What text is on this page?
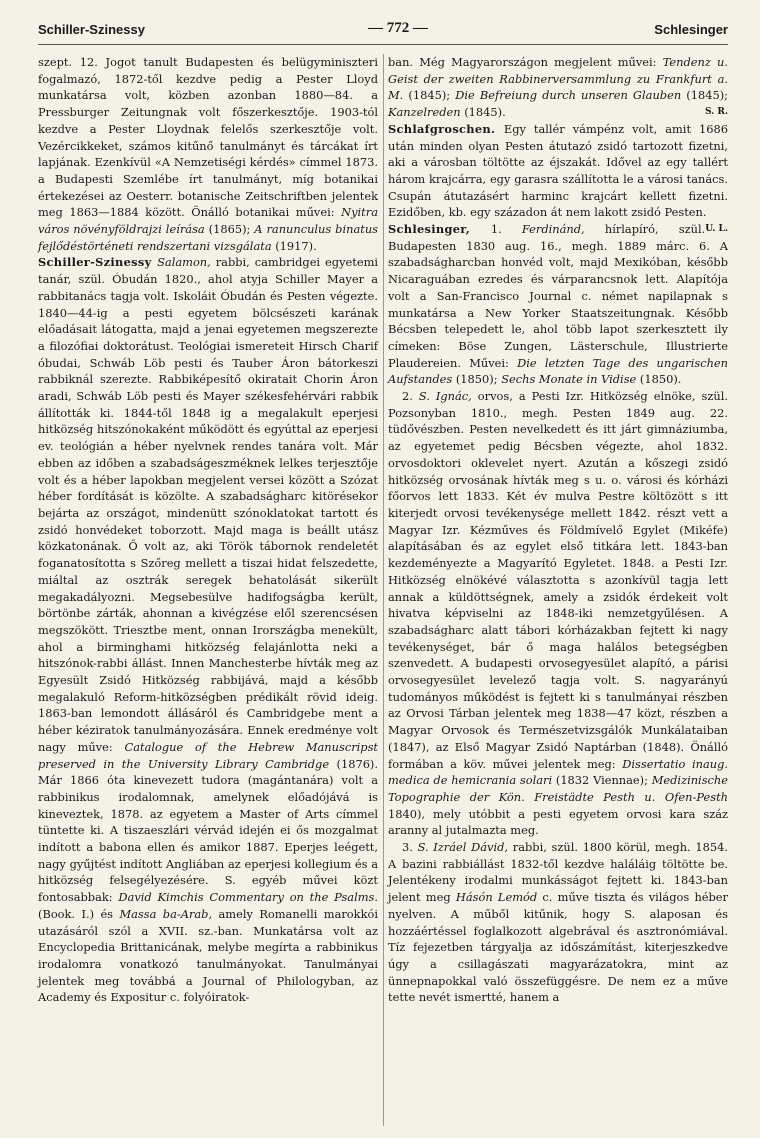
Schiller-Szinessy	— 772 —	Schlesinger

szept. 12. Jogot tanult Budapesten és belügyminiszteri fogalmazó, 1872-től kezdve pedig a Pester Lloyd munkatársa volt, közben azonban 1880—84. a Pressburger Zeitungnak volt főszerkesztője. 1903-tól kezdve a Pester Lloydnak felelős szerkesztője volt. Vezércikkeket, számos kitűnő tanulmányt és tárcákat írt lapjának. Ezenkívül «A Nemzetiségi kérdés» címmel 1873. a Budapesti Szemlébe írt tanulmányt, míg botanikai értekezései az Oesterr. botanische Zeitschriftben jelentek meg 1863—1884 között. Önálló botanikai művei: Nyitra város növényföldrajzi leírása (1865); A ranunculus binatus fejlődéstörténeti rendszertani vizsgálata (1917).

Schiller-Szinessy Salamon, rabbi, cambridgei egyetemi tanár, szül. Óbudán 1820., ahol atyja Schiller Mayer a rabbitanács tagja volt. Iskoláit Óbudán és Pesten végezte. 1840—44-ig a pesti egyetem bölcsészeti karának előadásait látogatta, majd a jenai egyetemen megszerezte a filozófiai doktorátust. Teológiai ismereteit Hirsch Charif óbudai, Schwáb Löb pesti és Tauber Áron bátorkeszi rabbiknál szerezte. Rabbiképesítő okiratait Chorin Áron aradi, Schwáb Löb pesti és Mayer székesfehérvári rabbik állították ki. 1844-től 1848 ig a megalakult eperjesi hitközség hitszónokaként működött és egyúttal az eperjesi ev. teológián a héber nyelvnek rendes tanára volt. Már ebben az időben a szabadságeszméknek lelkes terjesztője volt és a héber lapokban megjelent versei között a Szózat héber fordítását is közölte. A szabadságharc kitörésekor bejárta az országot, mindenütt szónoklatokat tartott és zsidó honvédeket toborzott. Majd maga is beállt utász közkatonának. Ő volt az, aki Török tábornok rendeletét foganatosította s Szőreg mellett a tiszai hidat felszedette, miáltal az osztrák seregek behatolását sikerült megakadályozni. Megsebesülve hadifogságba került, börtönbe zárták, ahonnan a kivégzése elől szerencsésen megszökött. Triesztbe ment, onnan Irországba menekült, ahol a birminghami hitközség felajánlotta neki a hitszónok-rabbi állást. Innen Manchesterbe hívták meg az Egyesült Zsidó Hitközség rabbijává, majd a később megalakuló Reform-hitközségben prédikált rövid ideig. 1863-ban lemondott állásáról és Cambridgebe ment a héber kéziratok tanulmányozására. Ennek eredménye volt nagy műve: Catalogue of the Hebrew Manuscripst preserved in the University Library Cambridge (1876). Már 1866 óta kinevezett tudora (magántanára) volt a rabbinikus irodalomnak, amelynek előadójává is kineveztek, 1878. az egyetem a Master of Arts címmel tüntette ki. A tiszaeszlári vérvád idején ei ős mozgalmat indított a babona ellen és amikor 1887. Eperjes leégett, nagy gyűjtést indított Angliában az eperjesi kollegium és a hitközség felsegélyezésére. S. egyéb művei közt fontosabbak: David Kimchis Commentary on the Psalms. (Book. I.) és Massa ba-Arab, amely Romanelli marokkói utazásáról szól a XVII. sz.-ban. Munkatársa volt az Encyclopedia Brittanicának, melybe megírta a rabbinikus irodalomra vonatkozó tanulmányokat. Tanulmányai jelentek meg továbbá a Journal of Philologyban, az Academy és Expositur c. folyóiratok-

ban. Még Magyarországon megjelent művei: Tendenz u. Geist der zweiten Rabbinerversammlung zu Frankfurt a. M. (1845); Die Befreiung durch unseren Glauben (1845); Kanzelreden (1845).	S. R.

Schlafgroschen. Egy tallér vámpénz volt, amit 1686 után minden olyan Pesten átutazó zsidó tartozott fizetni, aki a városban töltötte az éjszakát. Idővel az egy tallért három krajcárra, egy garasra szállította le a városi tanács. Csupán átutazásért harminc krajcárt kellett fizetni. Ezidőben, kb. egy századon át nem lakott zsidó Pesten.
U. L.

Schlesinger, 1. Ferdinánd, hírlapíró, szül. Budapesten 1830 aug. 16., megh. 1889 márc. 6. A szabadságharcban honvéd volt, majd Mexikóban, később Nicaraguában ezredes és várparancsnok lett. Alapítója volt a San-Francisco Journal c. német napilapnak s munkatársa a New Yorker Staatszeitungnak. Később Bécsben telepedett le, ahol több lapot szerkesztett ily címeken: Böse Zungen, Lästerschule, Illustrierte Plaudereien. Művei: Die letzten Tage des ungarischen Aufstandes (1850); Sechs Monate in Vidise (1850).

2. S. Ignác, orvos, a Pesti Izr. Hitközség elnöke, szül. Pozsonyban 1810., megh. Pesten 1849 aug. 22. tüdővészben. Pesten nevelkedett és itt járt gimnáziumba, az egyetemet pedig Bécsben végezte, ahol 1832. orvosdoktori oklevelet nyert. Azután a kőszegi zsidó hitközség orvosának hívták meg s u. o. városi és kórházi főorvos lett 1833. Két év mulva Pestre költözött s itt kiterjedt orvosi tevékenysége mellett 1842. részt vett a Magyar Izr. Kézműves és Földmívelő Egylet (Mikéfe) alapításában és az egylet első titkára lett. 1843-ban kezdeményezte a Magyarító Egyletet. 1848. a Pesti Izr. Hitközség elnökévé választotta s azonkívül tagja lett annak a küldöttségnek, amely a zsidók érdekeit volt hivatva képviselni az 1848-iki nemzetgyűlésen. A szabadságharc alatt tábori kórházakban fejtett ki nagy tevékenységet, bár ő maga halálos betegségben szenvedett. A budapesti orvosegyesület alapító, a párisi orvosegyesület levelező tagja volt. S. nagyarányú tudományos működést is fejtett ki s tanulmányai részben az Orvosi Tárban jelentek meg 1838—47 közt, részben a Magyar Orvosok és Természetvizsgálók Munkálataiban (1847), az Első Magyar Zsidó Naptárban (1848). Önálló formában a köv. művei jelentek meg: Dissertatio inaug. medica de hemicrania solari (1832 Viennae); Medizinische Topographie der Kön. Freistädte Pesth u. Ofen-Pesth 1840), mely utóbbit a pesti egyetem orvosi kara száz aranny al jutalmazta meg.

3. S. Izráel Dávid, rabbi, szül. 1800 körül, megh. 1854. A bazini rabbiállást 1832-től kezdve haláláig töltötte be. Jelentékeny irodalmi munkásságot fejtett ki. 1843-ban jelent meg Hásón Lemód c. műve tiszta és világos héber nyelven. A műből kitűnik, hogy S. alaposan és hozzáértéssel foglalkozott algebrával és asztronómiával. Tíz fejezetben tárgyalja az időszámítást, kiterjeszkedve úgy a csillagászati magyarázatokra, mint az ünnepnapokkal való összefüggésre. De nem ez a műve tette nevét ismertté, hanem a
